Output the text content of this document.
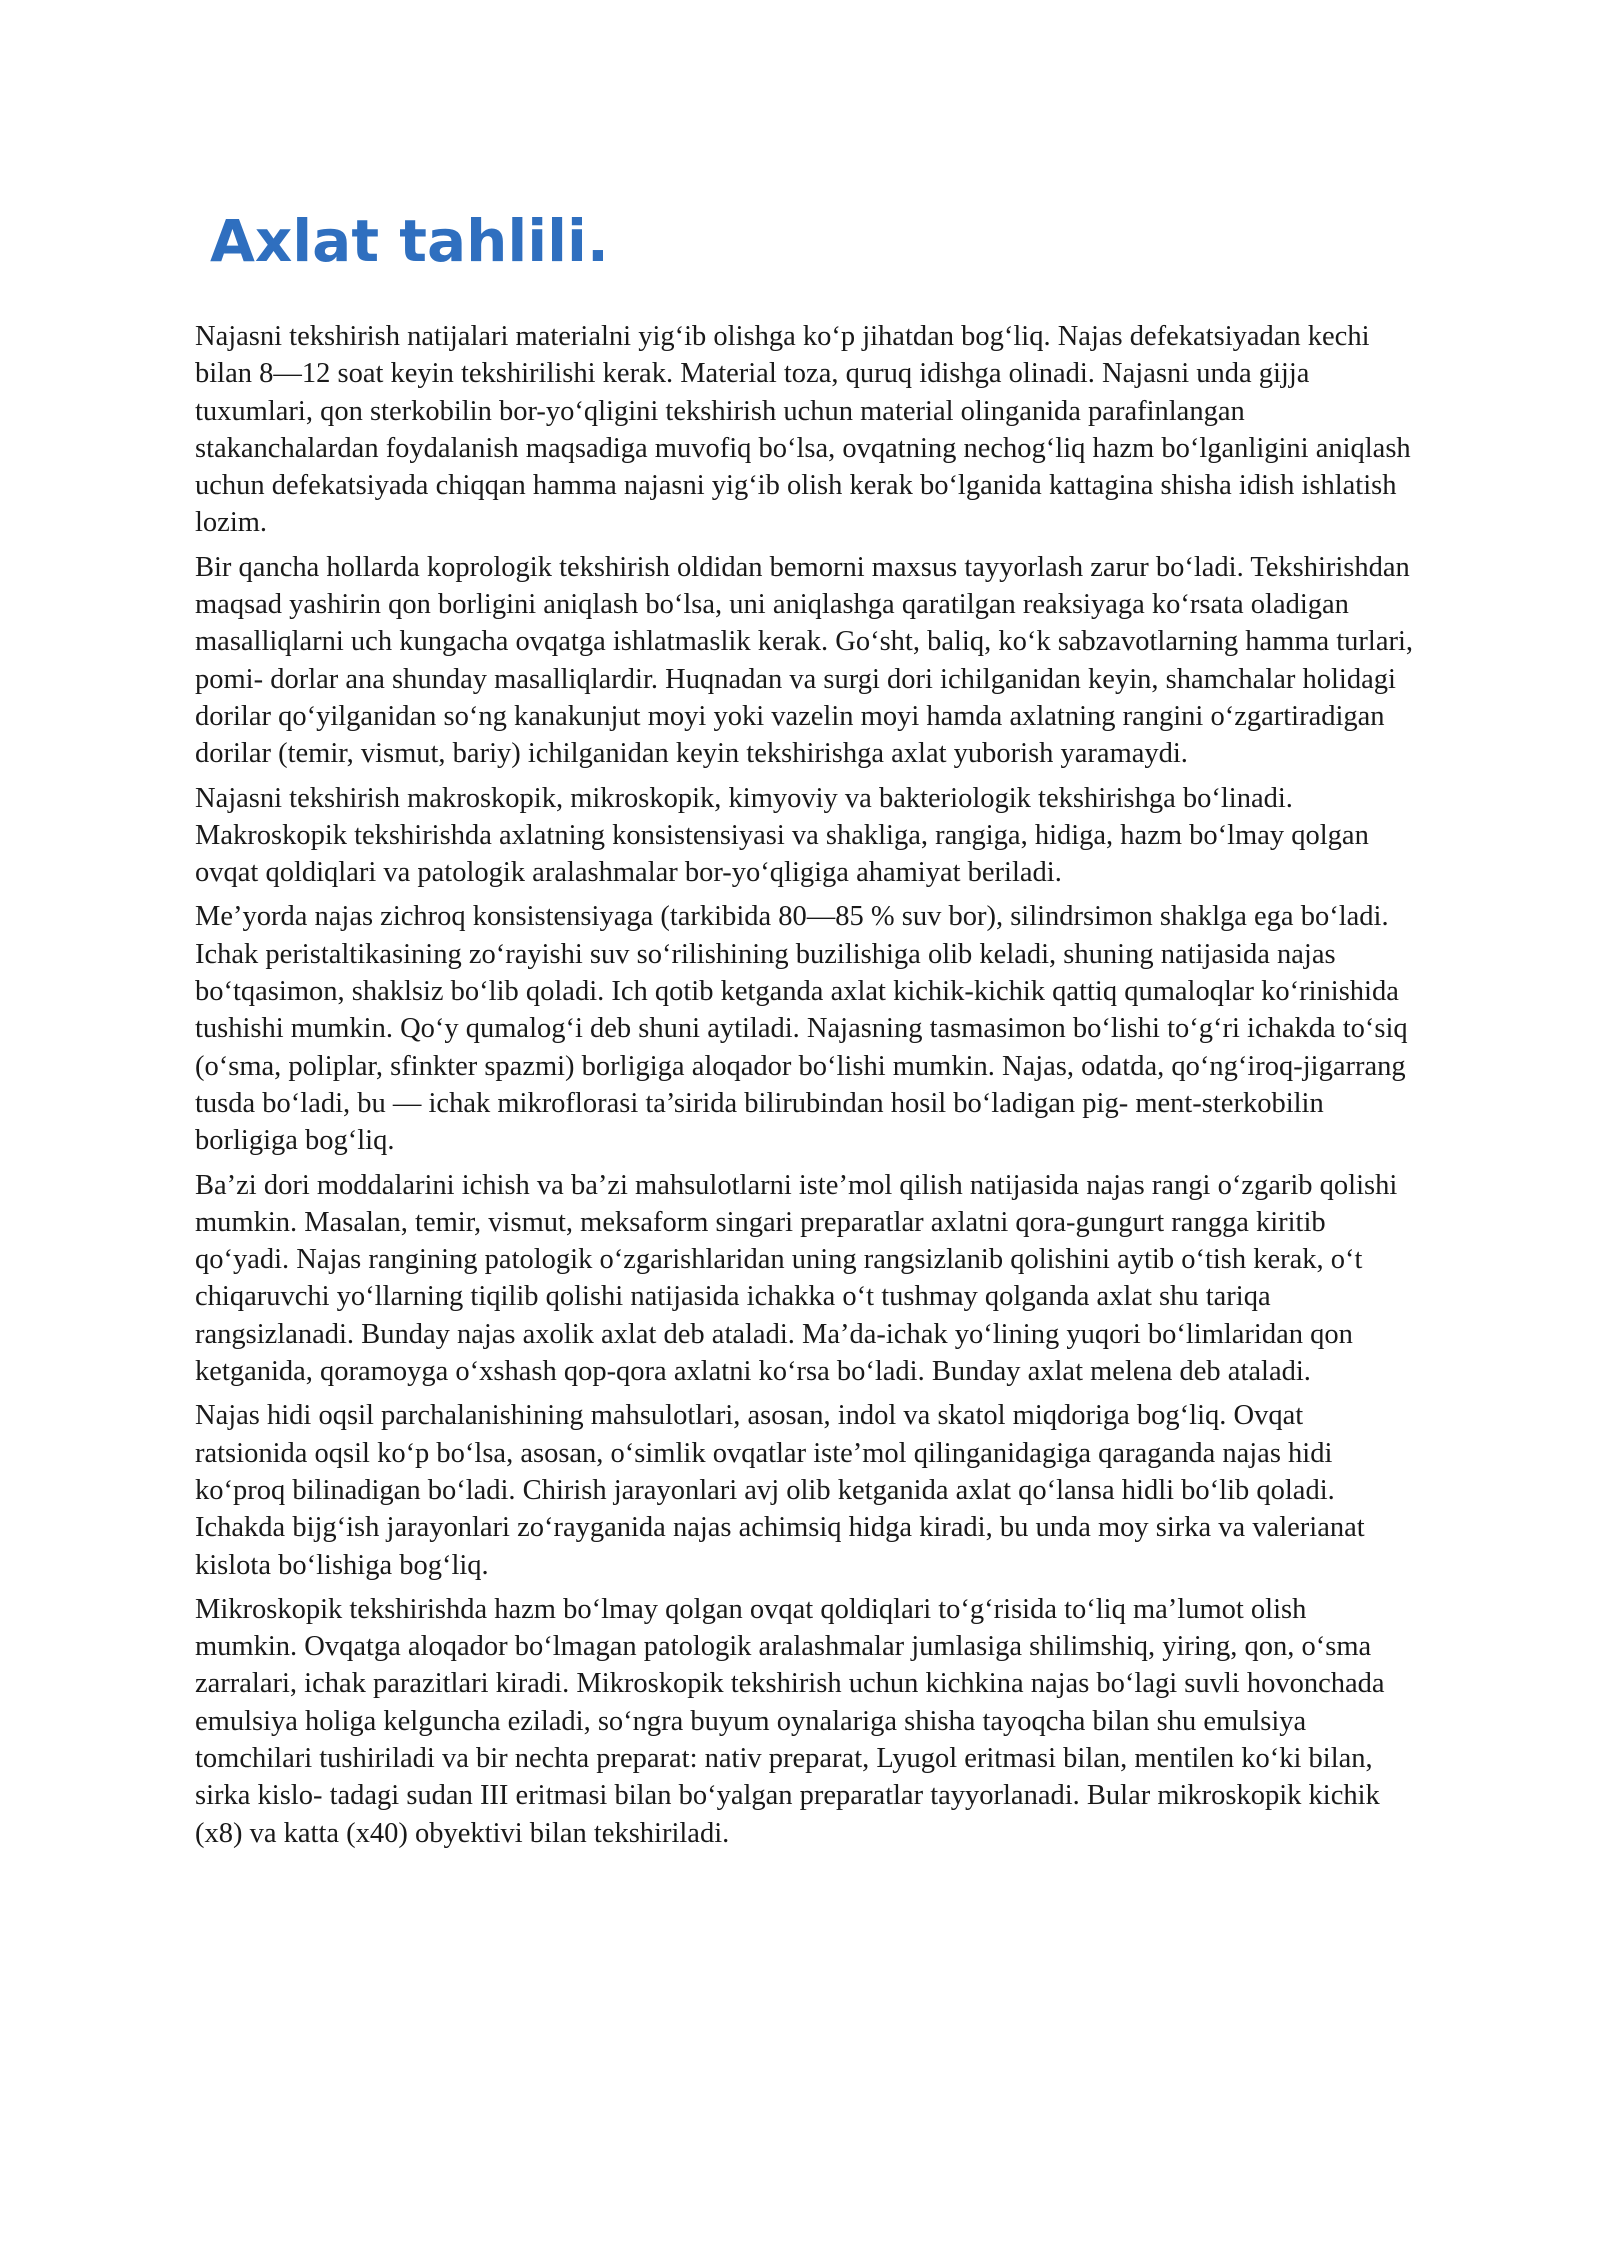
Axlat tahlili.

Najasni tekshirish natijalari materialni yig‘ib olishga ko‘p jihatdan bog‘liq. Najas defekatsiyadan kechi bilan 8—12 soat keyin tekshirilishi kerak. Material toza, quruq idishga olinadi. Najasni unda gijja tuxumlari, qon sterkobilin bor-yo‘qligini tekshirish uchun material olinganida parafinlangan stakanchalardan foydalanish maqsadiga muvofiq bo‘lsa, ovqatning nechog‘liq hazm bo‘lganligini aniqlash uchun defekatsiyada chiqqan hamma najasni yig‘ib olish kerak bo‘lganida kattagina shisha idish ishlatish lozim.

Bir qancha hollarda koprologik tekshirish oldidan bemorni maxsus tayyorlash zarur bo‘ladi. Tekshirishdan maqsad yashirin qon borligini aniqlash bo‘lsa, uni aniqlashga qaratilgan reaksiyaga ko‘rsata oladigan masalliqlarni uch kungacha ovqatga ishlatmaslik kerak. Go‘sht, baliq, ko‘k sabzavotlarning hamma turlari, pomi- dorlar ana shunday masalliqlardir. Huqnadan va surgi dori ichilganidan keyin, shamchalar holidagi dorilar qo‘yilganidan so‘ng kanakunjut moyi yoki vazelin moyi hamda axlatning rangini o‘zgartiradigan dorilar (temir, vismut, bariy) ichilganidan keyin tekshirishga axlat yuborish yaramaydi.

Najasni tekshirish makroskopik, mikroskopik, kimyoviy va bakteriologik tekshirishga bo‘linadi. Makroskopik tekshirishda axlatning konsistensiyasi va shakliga, rangiga, hidiga, hazm bo‘lmay qolgan ovqat qoldiqlari va patologik aralashmalar bor-yo‘qligiga ahamiyat beriladi.

Me’yorda najas zichroq konsistensiyaga (tarkibida 80—85 % suv bor), silindrsimon shaklga ega bo‘ladi. Ichak peristaltikasining zo‘rayishi suv so‘rilishining buzilishiga olib keladi, shuning natijasida najas bo‘tqasimon, shaklsiz bo‘lib qoladi. Ich qotib ketganda axlat kichik-kichik qattiq qumaloqlar ko‘rinishida tushishi mumkin. Qo‘y qumalog‘i deb shuni aytiladi. Najasning tasmasimon bo‘lishi to‘g‘ri ichakda to‘siq (o‘sma, poliplar, sfinkter spazmi) borligiga aloqador bo‘lishi mumkin. Najas, odatda, qo‘ng‘iroq-jigarrang tusda bo‘ladi, bu — ichak mikroflorasi ta’sirida bilirubindan hosil bo‘ladigan pig- ment-sterkobilin borligiga bog‘liq.

Ba’zi dori moddalarini ichish va ba’zi mahsulotlarni iste’mol qilish natijasida najas rangi o‘zgarib qolishi mumkin. Masalan, temir, vismut, meksaform singari preparatlar axlatni qora-gungurt rangga kiritib qo‘yadi. Najas rangining patologik o‘zgarishlaridan uning rangsizlanib qolishini aytib o‘tish kerak, o‘t chiqaruvchi yo‘llarning tiqilib qolishi natijasida ichakka o‘t tushmay qolganda axlat shu tariqa rangsizlanadi. Bunday najas axolik axlat deb ataladi. Ma’da-ichak yo‘lining yuqori bo‘limlaridan qon ketganida, qoramoyga o‘xshash qop-qora axlatni ko‘rsa bo‘ladi. Bunday axlat melena deb ataladi.

Najas hidi oqsil parchalanishining mahsulotlari, asosan, indol va skatol miqdoriga bog‘liq. Ovqat ratsionida oqsil ko‘p bo‘lsa, asosan, o‘simlik ovqatlar iste’mol qilinganidagiga qaraganda najas hidi ko‘proq bilinadigan bo‘ladi. Chirish jarayonlari avj olib ketganida axlat qo‘lansa hidli bo‘lib qoladi. Ichakda bijg‘ish jarayonlari zo‘rayganida najas achimsiq hidga kiradi, bu unda moy sirka va valerianat kislota bo‘lishiga bog‘liq.

Mikroskopik tekshirishda hazm bo‘lmay qolgan ovqat qoldiqlari to‘g‘risida to‘liq ma’lumot olish mumkin. Ovqatga aloqador bo‘lmagan patologik aralashmalar jumlasiga shilimshiq, yiring, qon, o‘sma zarralari, ichak parazitlari kiradi. Mikroskopik tekshirish uchun kichkina najas bo‘lagi suvli hovonchada emulsiya holiga kelguncha eziladi, so‘ngra buyum oynalariga shisha tayoqcha bilan shu emulsiya tomchilari tushiriladi va bir nechta preparat: nativ preparat, Lyugol eritmasi bilan, mentilen ko‘ki bilan, sirka kislo- tadagi sudan III eritmasi bilan bo‘yalgan preparatlar tayyorlanadi. Bular mikroskopik kichik (x8) va katta (x40) obyektivi bilan tekshiriladi.
